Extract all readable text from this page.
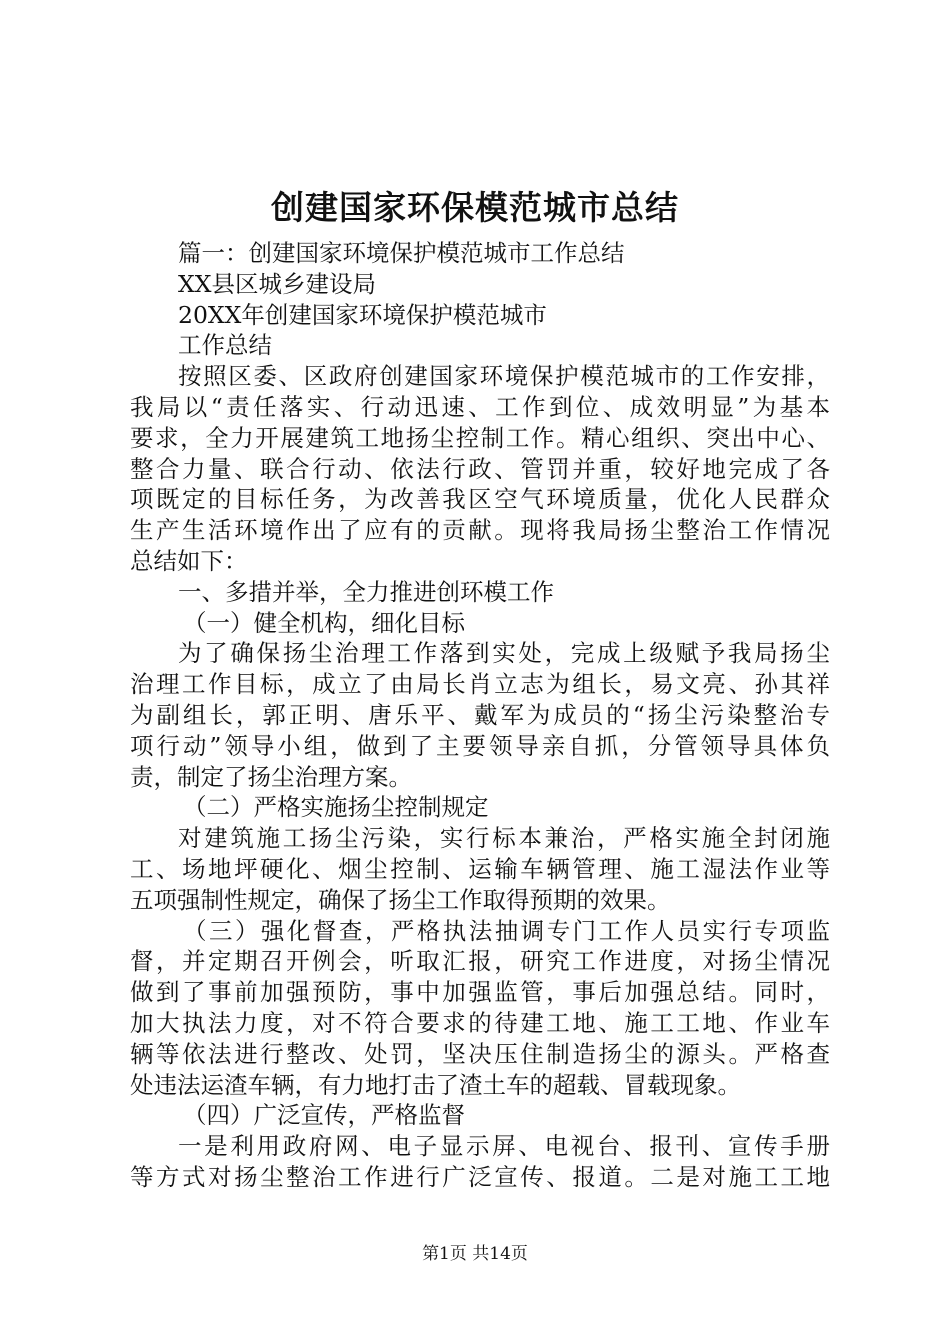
创建国家环保模范城市总结
篇一：创建国家环境保护模范城市工作总结
XX县区城乡建设局
20XX年创建国家环境保护模范城市
工作总结
按照区委、区政府创建国家环境保护模范城市的工作安排，
我局以“责任落实、行动迅速、工作到位、成效明显”为基本
要求，全力开展建筑工地扬尘控制工作。精心组织、突出中心、
整合力量、联合行动、依法行政、管罚并重，较好地完成了各
项既定的目标任务，为改善我区空气环境质量，优化人民群众
生产生活环境作出了应有的贡献。现将我局扬尘整治工作情况
总结如下：
一、多措并举，全力推进创环模工作
（一）健全机构，细化目标
为了确保扬尘治理工作落到实处，完成上级赋予我局扬尘
治理工作目标，成立了由局长肖立志为组长，易文亮、孙其祥
为副组长，郭正明、唐乐平、戴军为成员的“扬尘污染整治专
项行动”领导小组，做到了主要领导亲自抓，分管领导具体负
责，制定了扬尘治理方案。
（二）严格实施扬尘控制规定
对建筑施工扬尘污染，实行标本兼治，严格实施全封闭施
工、场地坪硬化、烟尘控制、运输车辆管理、施工湿法作业等
五项强制性规定，确保了扬尘工作取得预期的效果。
（三）强化督查，严格执法抽调专门工作人员实行专项监
督，并定期召开例会，听取汇报，研究工作进度，对扬尘情况
做到了事前加强预防，事中加强监管，事后加强总结。同时，
加大执法力度，对不符合要求的待建工地、施工工地、作业车
辆等依法进行整改、处罚，坚决压住制造扬尘的源头。严格查
处违法运渣车辆，有力地打击了渣土车的超载、冒载现象。
（四）广泛宣传，严格监督
一是利用政府网、电子显示屏、电视台、报刊、宣传手册
等方式对扬尘整治工作进行广泛宣传、报道。二是对施工工地
第1页 共14页
